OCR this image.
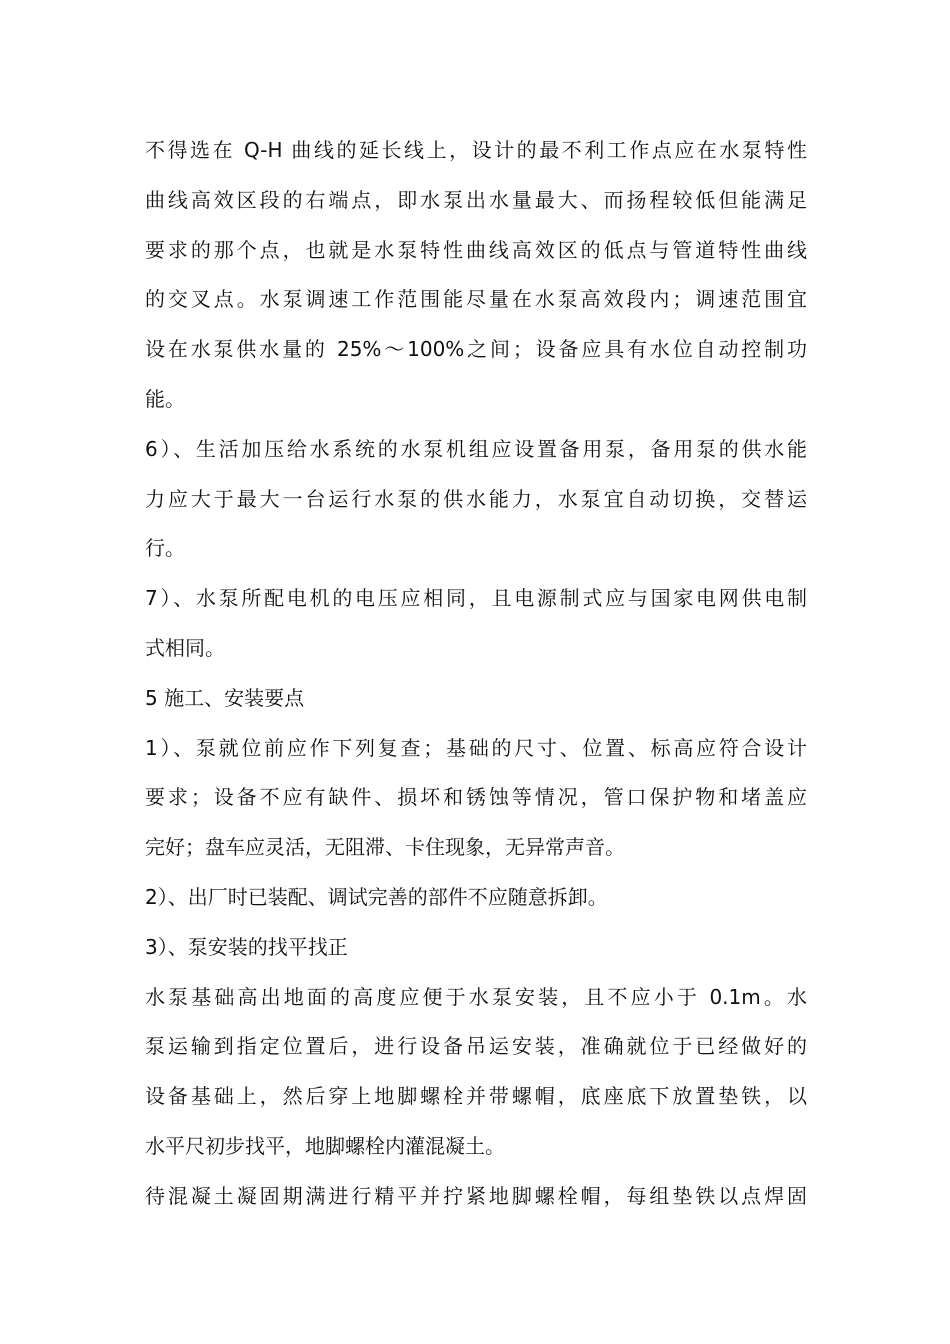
不得选在 Q-H 曲线的延长线上，设计的最不利工作点应在水泵特性
曲线高效区段的右端点，即水泵出水量最大、而扬程较低但能满足
要求的那个点，也就是水泵特性曲线高效区的低点与管道特性曲线
的交叉点。水泵调速工作范围能尽量在水泵高效段内；调速范围宜
设在水泵供水量的 25%～100%之间；设备应具有水位自动控制功
能。
6）、生活加压给水系统的水泵机组应设置备用泵，备用泵的供水能
力应大于最大一台运行水泵的供水能力，水泵宜自动切换，交替运
行。
7）、水泵所配电机的电压应相同，且电源制式应与国家电网供电制
式相同。
5 施工、安装要点
1）、泵就位前应作下列复查；基础的尺寸、位置、标高应符合设计
要求；设备不应有缺件、损坏和锈蚀等情况，管口保护物和堵盖应
完好；盘车应灵活，无阻滞、卡住现象，无异常声音。
2）、出厂时已装配、调试完善的部件不应随意拆卸。
3）、泵安装的找平找正
水泵基础高出地面的高度应便于水泵安装，且不应小于 0.1m。水
泵运输到指定位置后，进行设备吊运安装，准确就位于已经做好的
设备基础上，然后穿上地脚螺栓并带螺帽，底座底下放置垫铁，以
水平尺初步找平，地脚螺栓内灌混凝土。
待混凝土凝固期满进行精平并拧紧地脚螺栓帽，每组垫铁以点焊固
